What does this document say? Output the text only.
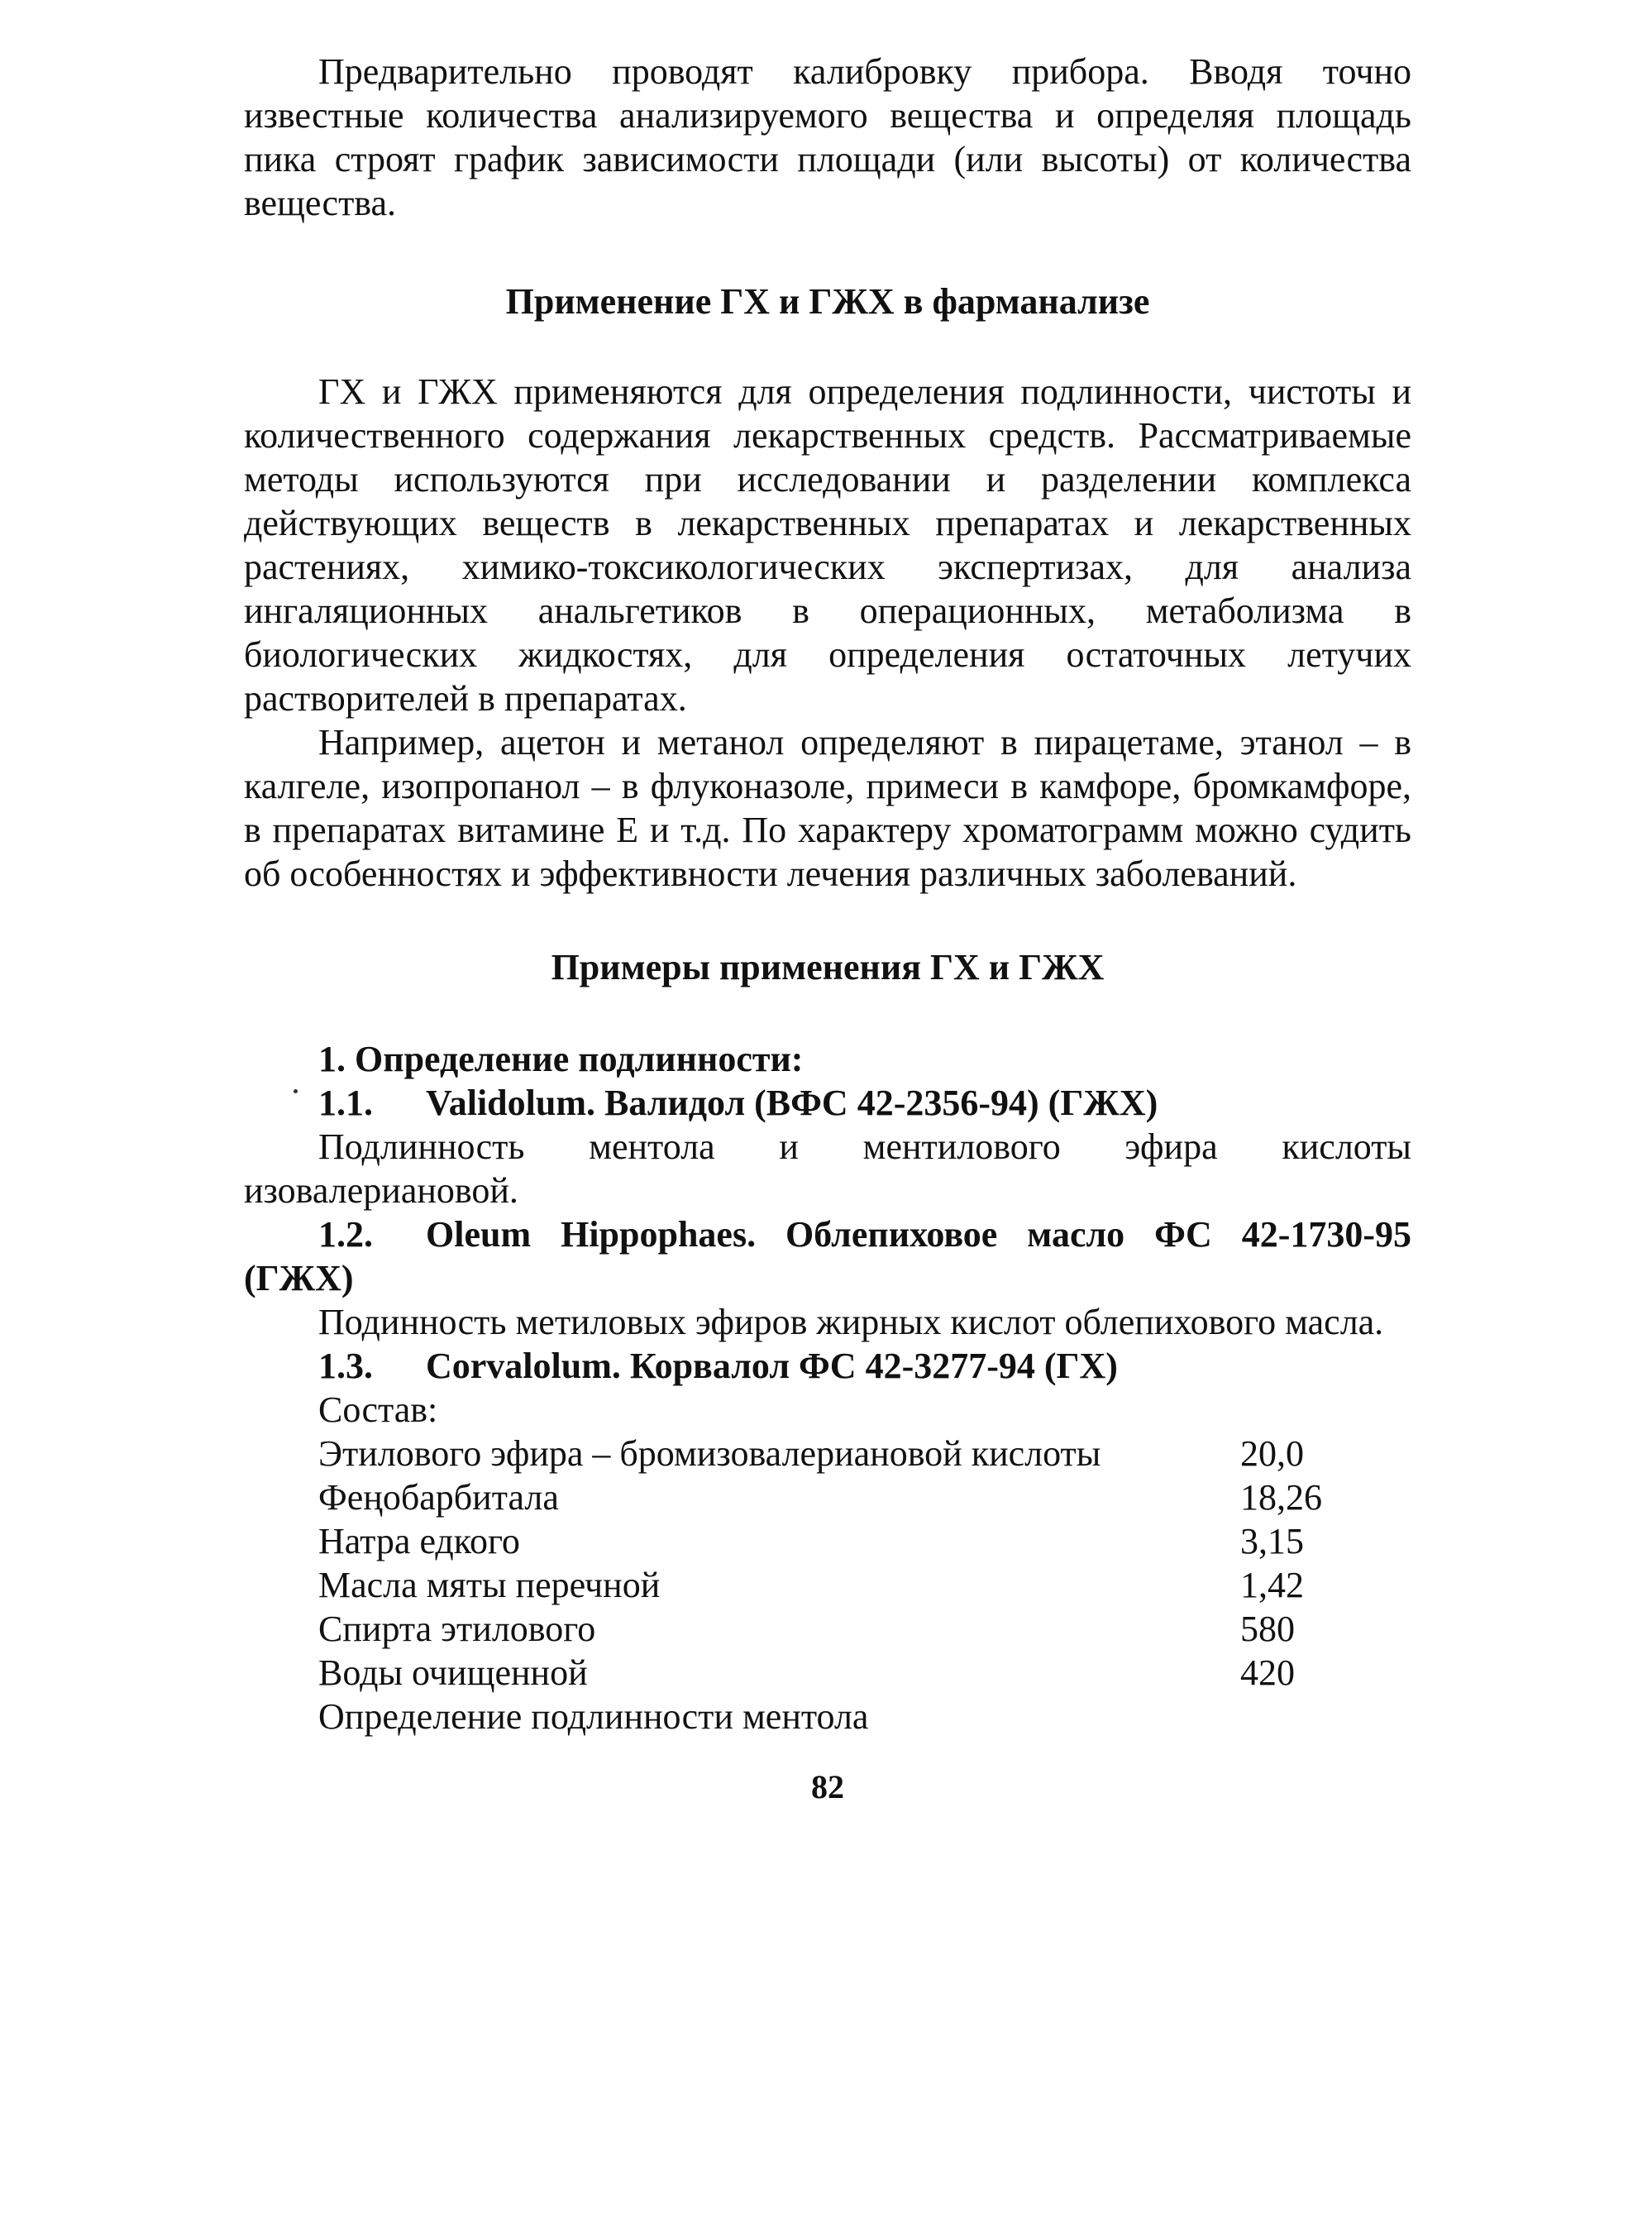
Предварительно проводят калибровку прибора. Вводя точно известные количества анализируемого вещества и определяя площадь пика строят график зависимости площади (или высоты) от количества вещества.

Применение ГХ и ГЖХ в фарманализе

ГХ и ГЖХ применяются для определения подлинности, чистоты и количественного содержания лекарственных средств. Рассматриваемые методы используются при исследовании и разделении комплекса действующих веществ в лекарственных препаратах и лекарственных растениях, химико-токсикологических экспертизах, для анализа ингаляционных анальгетиков в операционных, метаболизма в биологических жидкостях, для определения остаточных летучих растворителей в препаратах.

Например, ацетон и метанол определяют в пирацетаме, этанол – в калгеле, изопропанол – в флуконазоле, примеси в камфоре, бромкамфоре, в препаратах витамине Е и т.д. По характеру хроматограмм можно судить об особенностях и эффективности лечения различных заболеваний.

Примеры применения ГХ и ГЖХ
1. Определение подлинности:
1.1. Validolum. Валидол (ВФС 42-2356-94) (ГЖХ)

Подлинность ментола и ментилового эфира кислоты изовалериановой.

1.2. Oleum Hippophaes. Облепиховое масло ФС 42-1730-95 (ГЖХ)

Подинность метиловых эфиров жирных кислот облепихового масла.

1.3. Corvalolum. Корвалол ФС 42-3277-94 (ГХ)
Состав:
Этилового эфира – бромизовалериановой кислоты	20,0
Феңобарбитала	18,26
Натра едкого	3,15
Масла мяты перечной	1,42
Спирта этилового	580
Воды очищенной	420
Определение подлинности ментола
82
